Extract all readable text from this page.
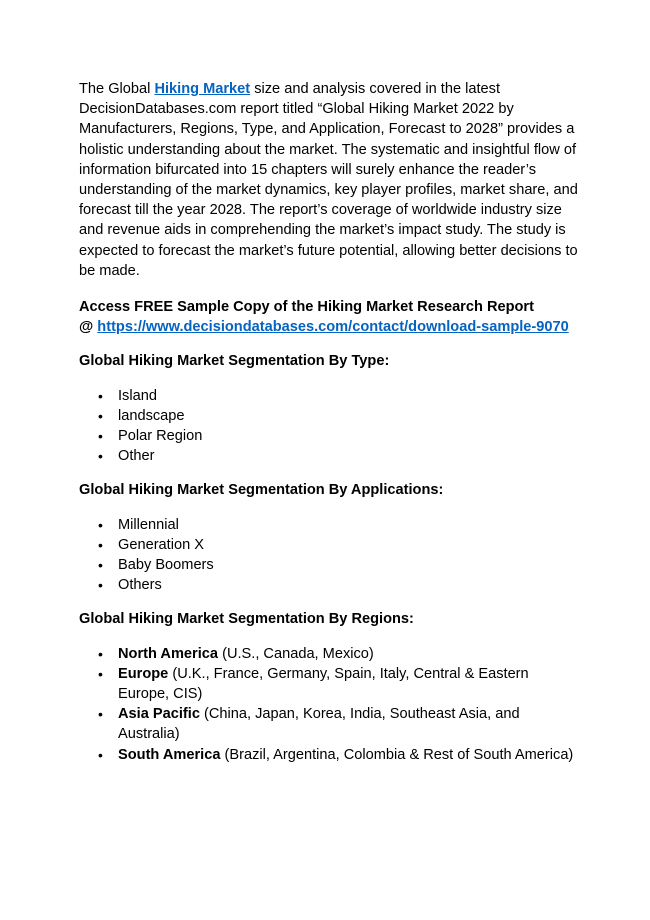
The Global Hiking Market size and analysis covered in the latest DecisionDatabases.com report titled “Global Hiking Market 2022 by Manufacturers, Regions, Type, and Application, Forecast to 2028” provides a holistic understanding about the market. The systematic and insightful flow of information bifurcated into 15 chapters will surely enhance the reader’s understanding of the market dynamics, key player profiles, market share, and forecast till the year 2028. The report’s coverage of worldwide industry size and revenue aids in comprehending the market’s impact study. The study is expected to forecast the market’s future potential, allowing better decisions to be made.

Access FREE Sample Copy of the Hiking Market Research Report
@ https://www.decisiondatabases.com/contact/download-sample-9070

Global Hiking Market Segmentation By Type:
• Island
• landscape
• Polar Region
• Other
Global Hiking Market Segmentation By Applications:
• Millennial
• Generation X
• Baby Boomers
• Others
Global Hiking Market Segmentation By Regions:
• North America (U.S., Canada, Mexico)
• Europe (U.K., France, Germany, Spain, Italy, Central & Eastern Europe, CIS)
• Asia Pacific (China, Japan, Korea, India, Southeast Asia, and Australia)
• South America (Brazil, Argentina, Colombia & Rest of South America)
